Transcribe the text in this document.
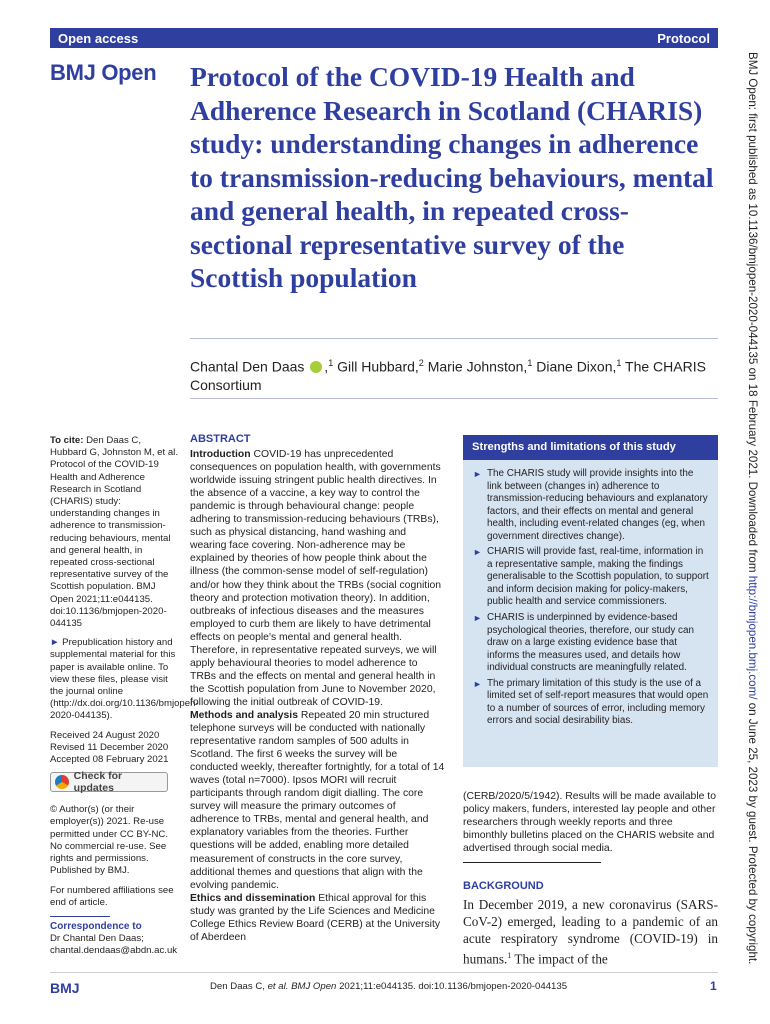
Open access	Protocol
BMJ Open Protocol of the COVID-19 Health and Adherence Research in Scotland (CHARIS) study: understanding changes in adherence to transmission-reducing behaviours, mental and general health, in repeated cross-sectional representative survey of the Scottish population
Chantal Den Daas ,$^1$ Gill Hubbard,$^2$ Marie Johnston,$^1$ Diane Dixon,$^1$ The CHARIS Consortium

To cite: Den Daas C, Hubbard G, Johnston M, et al. Protocol of the COVID-19 Health and Adherence Research in Scotland (CHARIS) study: understanding changes in adherence to transmission-reducing behaviours, mental and general health, in repeated cross-sectional representative survey of the Scottish population. BMJ Open 2021;11:e044135. doi:10.1136/bmjopen-2020-044135

► Prepublication history and supplemental material for this paper is available online. To view these files, please visit the journal online (http://dx.doi.org/10.1136/bmjopen-2020-044135).

Received 24 August 2020
Revised 11 December 2020
Accepted 08 February 2021
Check for updates

© Author(s) (or their employer(s)) 2021. Re-use permitted under CC BY-NC. No commercial re-use. See rights and permissions. Published by BMJ.

For numbered affiliations see end of article.

Correspondence to
Dr Chantal Den Daas;
chantal.dendaas@abdn.ac.uk
ABSTRACT

Introduction COVID-19 has unprecedented consequences on population health, with governments worldwide issuing stringent public health directives. In the absence of a vaccine, a key way to control the pandemic is through behavioural change: people adhering to transmission-reducing behaviours (TRBs), such as physical distancing, hand washing and wearing face covering. Non-adherence may be explained by theories of how people think about the illness (the common-sense model of self-regulation) and/or how they think about the TRBs (social cognition theory and protection motivation theory). In addition, outbreaks of infectious diseases and the measures employed to curb them are likely to have detrimental effects on people's mental and general health. Therefore, in representative repeated surveys, we will apply behavioural theories to model adherence to TRBs and the effects on mental and general health in the Scottish population from June to November 2020, following the initial outbreak of COVID-19.

Methods and analysis Repeated 20 min structured telephone surveys will be conducted with nationally representative random samples of 500 adults in Scotland. The first 6 weeks the survey will be conducted weekly, thereafter fortnightly, for a total of 14 waves (total n=7000). Ipsos MORI will recruit participants through random digit dialling. The core survey will measure the primary outcomes of adherence to TRBs, mental and general health, and explanatory variables from the theories. Further questions will be added, enabling more detailed measurement of constructs in the core survey, additional themes and questions that align with the evolving pandemic.

Ethics and dissemination Ethical approval for this study was granted by the Life Sciences and Medicine College Ethics Review Board (CERB) at the University of Aberdeen

Strengths and limitations of this study
► The CHARIS study will provide insights into the link between (changes in) adherence to transmission-reducing behaviours and explanatory factors, and their effects on mental and general health, including event-related changes (eg, when government directives change).
► CHARIS will provide fast, real-time, information in a representative sample, making the findings generalisable to the Scottish population, to support and inform decision making for policy-makers, public health and service commissioners.
► CHARIS is underpinned by evidence-based psychological theories, therefore, our study can draw on a large existing evidence base that informs the measures used, and details how individual constructs are meaningfully related.
► The primary limitation of this study is the use of a limited set of self-report measures that would open to a number of sources of error, including memory errors and social desirability bias.

(CERB/2020/5/1942). Results will be made available to policy makers, funders, interested lay people and other researchers through weekly reports and three bimonthly bulletins placed on the CHARIS website and advertised through social media.

BACKGROUND

In December 2019, a new coronavirus (SARS-CoV-2) emerged, leading to a pandemic of an acute respiratory syndrome (COVID-19) in humans.$^1$ The impact of the

BMJ Open: first published as 10.1136/bmjopen-2020-044135 on 18 February 2021. Downloaded from http://bmjopen.bmj.com/ on June 25, 2023 by guest. Protected by copyright.
BMJ	Den Daas C, et al. BMJ Open 2021;11:e044135. doi:10.1136/bmjopen-2020-044135	1
